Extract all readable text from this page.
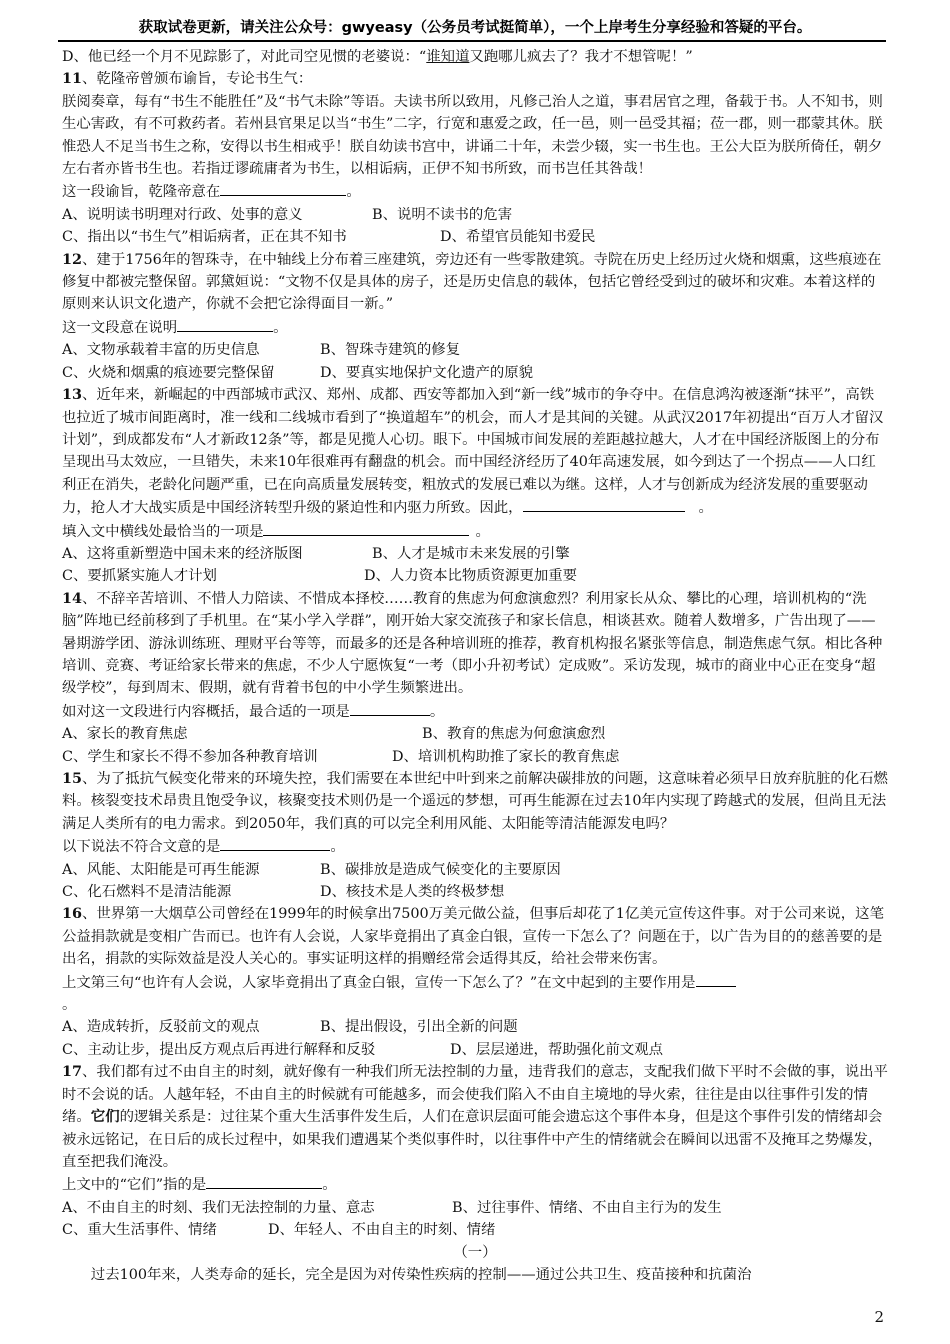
获取试卷更新，请关注公众号：gwyeasy（公务员考试挺简单），一个上岸考生分享经验和答疑的平台。

D、他已经一个月不见踪影了，对此司空见惯的老婆说：“谁知道又跑哪儿疯去了？我才不想管呢！”

11、乾隆帝曾颁布谕旨，专论书生气：

朕阅奏章，每有“书生不能胜任”及“书气未除”等语。夫读书所以致用，凡修己治人之道，事君居官之理，备载于书。人不知书，则生心害政，有不可救药者。若州县官果足以当“书生”二字，行宽和惠爱之政，任一邑，则一邑受其福；莅一郡，则一郡蒙其休。朕惟恐人不足当书生之称，安得以书生相戒乎！朕自幼读书宫中，讲诵二十年，未尝少辍，实一书生也。王公大臣为朕所倚任，朝夕左右者亦皆书生也。若指迂谬疏庸者为书生，以相诟病，正伊不知书所致，而书岂任其咎哉！

这一段谕旨，乾隆帝意在	。

A、说明读书明理对行政、处事的意义	B、说明不读书的危害

C、指出以“书生气”相诟病者，正在其不知书	D、希望官员能知书爱民

12、建于1756年的智珠寺，在中轴线上分布着三座建筑，旁边还有一些零散建筑。寺院在历史上经历过火烧和烟熏，这些痕迹在修复中都被完整保留。郭黛姮说：“文物不仅是具体的房子，还是历史信息的载体，包括它曾经受到过的破坏和灾难。本着这样的原则来认识文化遗产，你就不会把它涂得面目一新。”

这一文段意在说明	。

A、文物承载着丰富的历史信息	B、智珠寺建筑的修复

C、火烧和烟熏的痕迹要完整保留	D、要真实地保护文化遗产的原貌

13、近年来，新崛起的中西部城市武汉、郑州、成都、西安等都加入到“新一线”城市的争夺中。在信息鸿沟被逐渐“抹平”，高铁也拉近了城市间距离时，准一线和二线城市看到了“换道超车”的机会，而人才是其间的关键。从武汉2017年初提出“百万人才留汉计划”，到成都发布“人才新政12条”等，都是见揽人心切。眼下。中国城市间发展的差距越拉越大，人才在中国经济版图上的分布呈现出马太效应，一旦错失，未来10年很难再有翻盘的机会。而中国经济经历了40年高速发展，如今到达了一个拐点——人口红利正在消失，老龄化问题严重，已在向高质量发展转变，粗放式的发展已难以为继。这样，人才与创新成为经济发展的重要驱动力，抢人才大战实质是中国经济转型升级的紧迫性和内驱力所致。因此，	。

填入文中横线处最恰当的一项是	。

A、这将重新塑造中国未来的经济版图	B、人才是城市未来发展的引擎

C、要抓紧实施人才计划	D、人力资本比物质资源更加重要

14、不辞辛苦培训、不惜人力陪读、不惜成本择校……教育的焦虑为何愈演愈烈？利用家长从众、攀比的心理，培训机构的“洗脑”阵地已经前移到了手机里。在“某小学入学群”，刚开始大家交流孩子和家长信息，相谈甚欢。随着人数增多，广告出现了——暑期游学团、游泳训练班、理财平台等等，而最多的还是各种培训班的推荐，教育机构报名紧张等信息，制造焦虑气氛。相比各种培训、竞赛、考证给家长带来的焦虑，不少人宁愿恢复“一考（即小升初考试）定成败”。采访发现，城市的商业中心正在变身“超级学校”，每到周末、假期，就有背着书包的中小学生频繁进出。

如对这一文段进行内容概括，最合适的一项是	。

A、家长的教育焦虑	B、教育的焦虑为何愈演愈烈

C、学生和家长不得不参加各种教育培训	D、培训机构助推了家长的教育焦虑

15、为了抵抗气候变化带来的环境失控，我们需要在本世纪中叶到来之前解决碳排放的问题，这意味着必须早日放弃肮脏的化石燃料。核裂变技术昂贵且饱受争议，核聚变技术则仍是一个遥远的梦想，可再生能源在过去10年内实现了跨越式的发展，但尚且无法满足人类所有的电力需求。到2050年，我们真的可以完全利用风能、太阳能等清洁能源发电吗？

以下说法不符合文意的是	。

A、风能、太阳能是可再生能源	B、碳排放是造成气候变化的主要原因

C、化石燃料不是清洁能源	D、核技术是人类的终极梦想

16、世界第一大烟草公司曾经在1999年的时候拿出7500万美元做公益，但事后却花了1亿美元宣传这件事。对于公司来说，这笔公益捐款就是变相广告而已。也许有人会说，人家毕竟捐出了真金白银，宣传一下怎么了？问题在于，以广告为目的的慈善要的是出名，捐款的实际效益是没人关心的。事实证明这样的捐赠经常会适得其反，给社会带来伤害。

上文第三句“也许有人会说，人家毕竟捐出了真金白银，宣传一下怎么了？”在文中起到的主要作用是
。

A、造成转折，反驳前文的观点	B、提出假设，引出全新的问题

C、主动让步，提出反方观点后再进行解释和反驳	D、层层递进，帮助强化前文观点

17、我们都有过不由自主的时刻，就好像有一种我们所无法控制的力量，违背我们的意志，支配我们做下平时不会做的事，说出平时不会说的话。人越年轻，不由自主的时候就有可能越多，而会使我们陷入不由自主境地的导火索，往往是由以往事件引发的情绪。它们的逻辑关系是：过往某个重大生活事件发生后，人们在意识层面可能会遗忘这个事件本身，但是这个事件引发的情绪却会被永远铭记，在日后的成长过程中，如果我们遭遇某个类似事件时，以往事件中产生的情绪就会在瞬间以迅雷不及掩耳之势爆发，直至把我们淹没。

上文中的“它们”指的是	。

A、不由自主的时刻、我们无法控制的力量、意志	B、过往事件、情绪、不由自主行为的发生

C、重大生活事件、情绪	D、年轻人、不由自主的时刻、情绪

（一）

过去100年来，人类寿命的延长，完全是因为对传染性疾病的控制——通过公共卫生、疫苗接种和抗菌治

2
